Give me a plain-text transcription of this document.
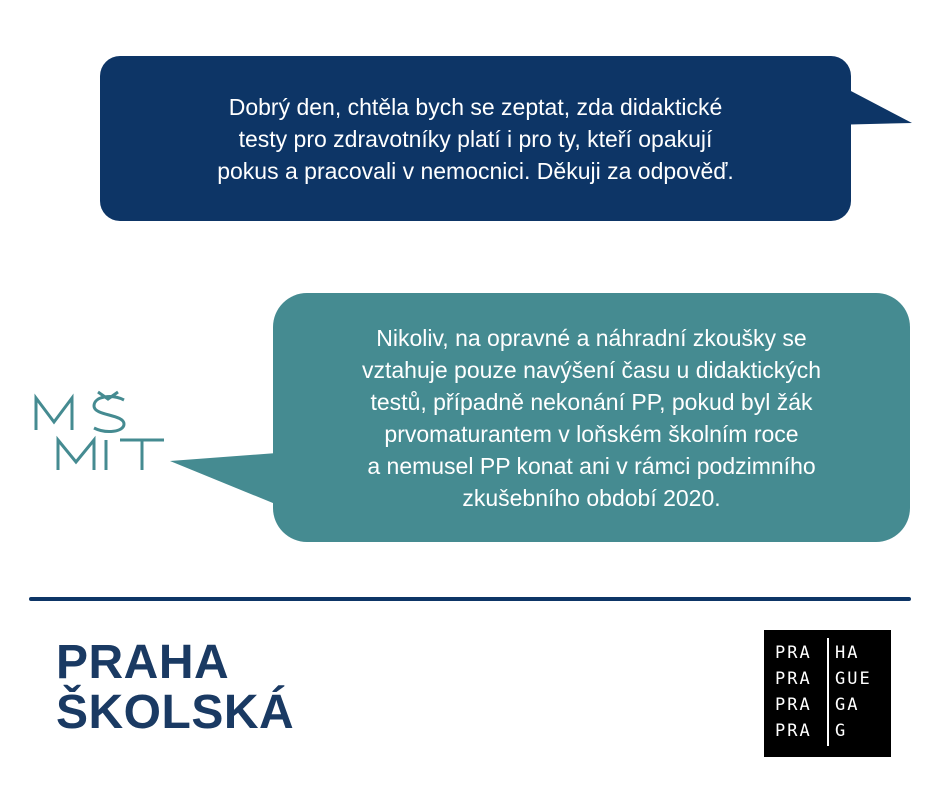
Dobrý den, chtěla bych se zeptat, zda didaktické
testy pro zdravotníky platí i pro ty, kteří opakují
pokus a pracovali v nemocnici. Děkuji za odpověď.
Nikoliv, na opravné a náhradní zkoušky se
vztahuje pouze navýšení času u didaktických
testů, případně nekonání PP, pokud byl žák
prvomaturantem v loňském školním roce
a nemusel PP konat ani v rámci podzimního
zkušebního období 2020.
PRAHA
ŠKOLSKÁ
PRA HA
PRA GUE
PRA GA
PRA G
